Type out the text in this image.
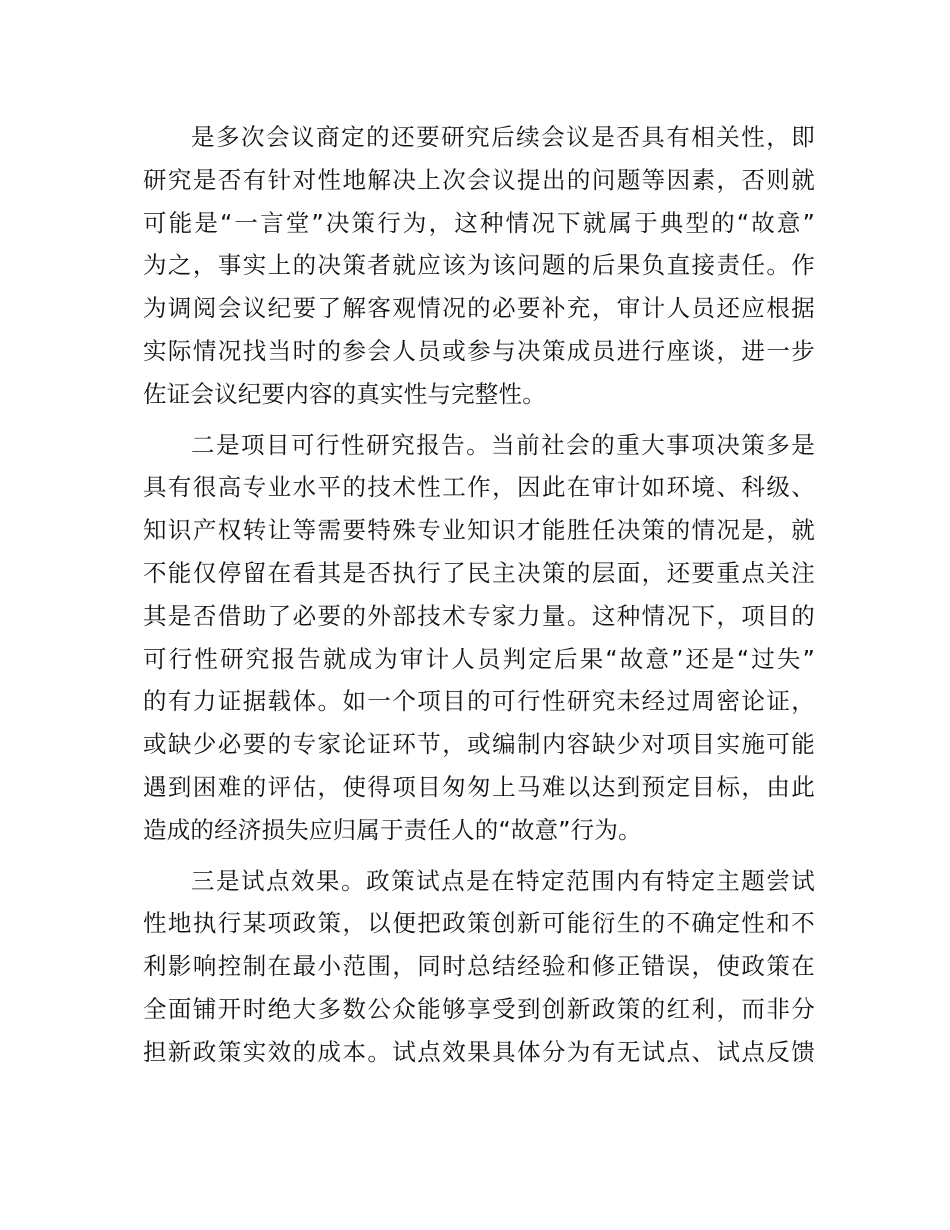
是多次会议商定的还要研究后续会议是否具有相关性，即
研究是否有针对性地解决上次会议提出的问题等因素，否则就
可能是“一言堂”决策行为，这种情况下就属于典型的“故意”
为之，事实上的决策者就应该为该问题的后果负直接责任。作
为调阅会议纪要了解客观情况的必要补充，审计人员还应根据
实际情况找当时的参会人员或参与决策成员进行座谈，进一步
佐证会议纪要内容的真实性与完整性。

二是项目可行性研究报告。当前社会的重大事项决策多是
具有很高专业水平的技术性工作，因此在审计如环境、科级、
知识产权转让等需要特殊专业知识才能胜任决策的情况是，就
不能仅停留在看其是否执行了民主决策的层面，还要重点关注
其是否借助了必要的外部技术专家力量。这种情况下，项目的
可行性研究报告就成为审计人员判定后果“故意”还是“过失”
的有力证据载体。如一个项目的可行性研究未经过周密论证，
或缺少必要的专家论证环节，或编制内容缺少对项目实施可能
遇到困难的评估，使得项目匆匆上马难以达到预定目标，由此
造成的经济损失应归属于责任人的“故意”行为。

三是试点效果。政策试点是在特定范围内有特定主题尝试
性地执行某项政策，以便把政策创新可能衍生的不确定性和不
利影响控制在最小范围，同时总结经验和修正错误，使政策在
全面铺开时绝大多数公众能够享受到创新政策的红利，而非分
担新政策实效的成本。试点效果具体分为有无试点、试点反馈
